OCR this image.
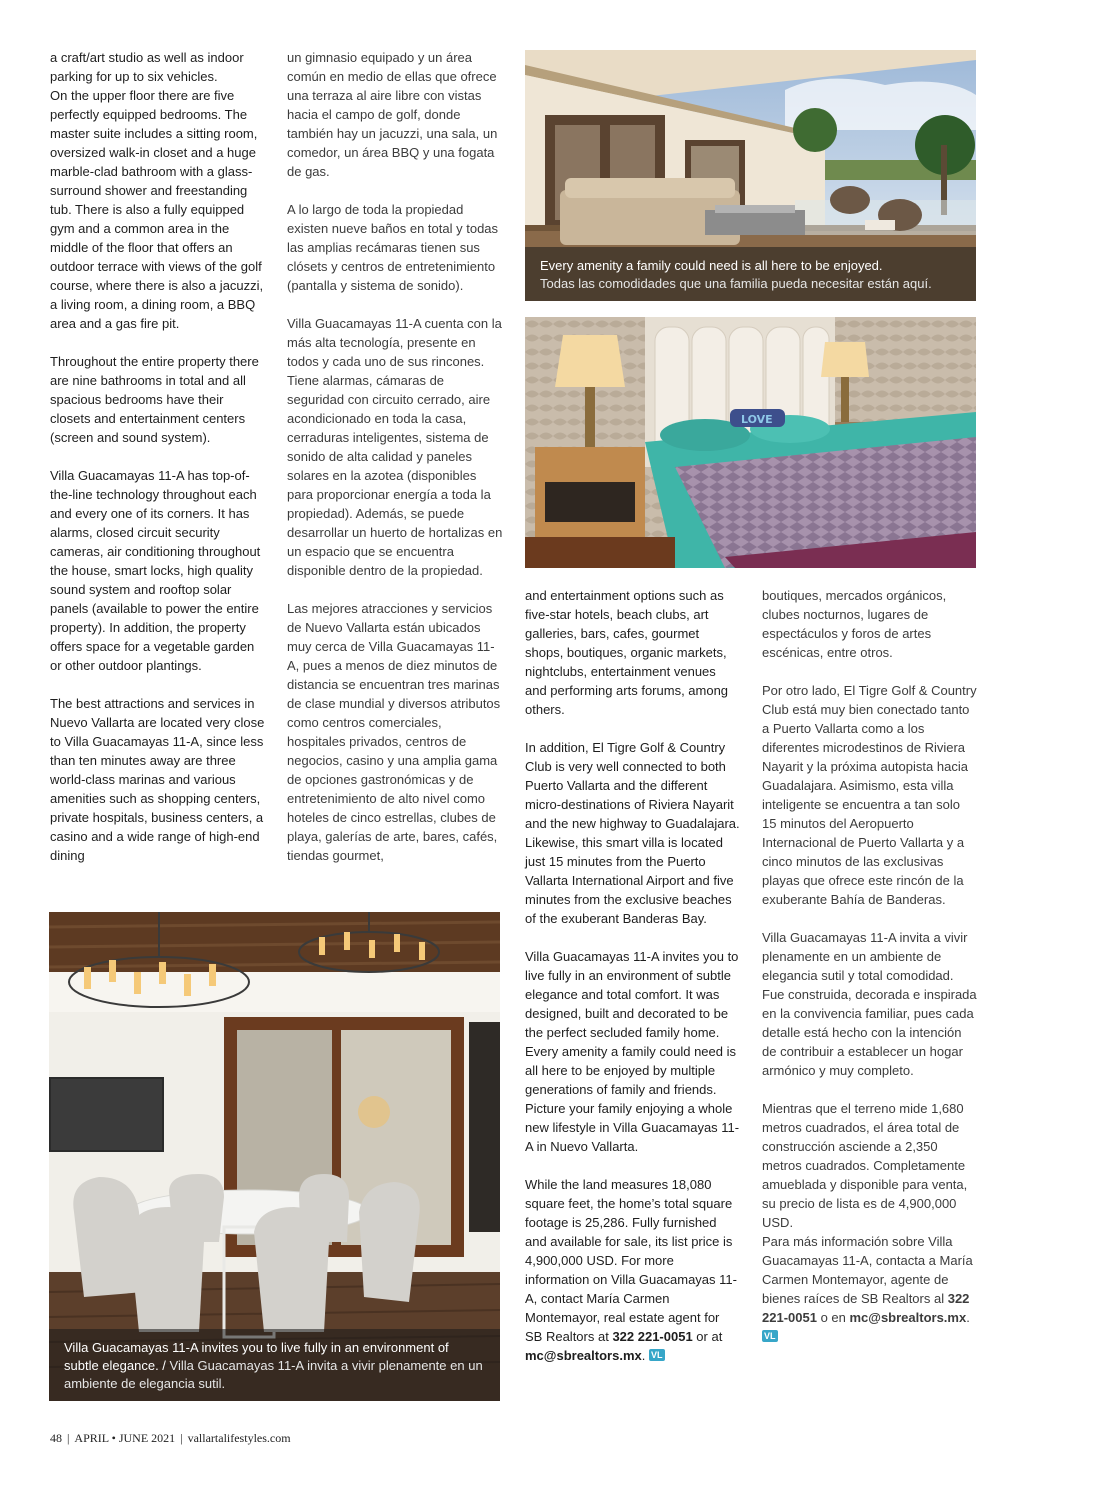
a craft/art studio as well as indoor parking for up to six vehicles.
On the upper floor there are five perfectly equipped bedrooms. The master suite includes a sitting room, oversized walk-in closet and a huge marble-clad bathroom with a glass-surround shower and freestanding tub. There is also a fully equipped gym and a common area in the middle of the floor that offers an outdoor terrace with views of the golf course, where there is also a jacuzzi, a living room, a dining room, a BBQ area and a gas fire pit.

Throughout the entire property there are nine bathrooms in total and all spacious bedrooms have their closets and entertainment centers (screen and sound system).

Villa Guacamayas 11-A has top-of-the-line technology throughout each and every one of its corners. It has alarms, closed circuit security cameras, air conditioning throughout the house, smart locks, high quality sound system and rooftop solar panels (available to power the entire property). In addition, the property offers space for a vegetable garden or other outdoor plantings.

The best attractions and services in Nuevo Vallarta are located very close to Villa Guacamayas 11-A, since less than ten minutes away are three world-class marinas and various amenities such as shopping centers, private hospitals, business centers, a casino and a wide range of high-end dining

un gimnasio equipado y un área común en medio de ellas que ofrece una terraza al aire libre con vistas hacia el campo de golf, donde también hay un jacuzzi, una sala, un comedor, un área BBQ y una fogata de gas.

A lo largo de toda la propiedad existen nueve baños en total y todas las amplias recámaras tienen sus clósets y centros de entretenimiento (pantalla y sistema de sonido).

Villa Guacamayas 11-A cuenta con la más alta tecnología, presente en todos y cada uno de sus rincones. Tiene alarmas, cámaras de seguridad con circuito cerrado, aire acondicionado en toda la casa, cerraduras inteligentes, sistema de sonido de alta calidad y paneles solares en la azotea (disponibles para proporcionar energía a toda la propiedad). Además, se puede desarrollar un huerto de hortalizas en un espacio que se encuentra disponible dentro de la propiedad.

Las mejores atracciones y servicios de Nuevo Vallarta están ubicados muy cerca de Villa Guacamayas 11-A, pues a menos de diez minutos de distancia se encuentran tres marinas de clase mundial y diversos atributos como centros comerciales, hospitales privados, centros de negocios, casino y una amplia gama de opciones gastronómicas y de entretenimiento de alto nivel como hoteles de cinco estrellas, clubes de playa, galerías de arte, bares, cafés, tiendas gourmet,

and entertainment options such as five-star hotels, beach clubs, art galleries, bars, cafes, gourmet shops, boutiques, organic markets, nightclubs, entertainment venues and performing arts forums, among others.

In addition, El Tigre Golf & Country Club is very well connected to both Puerto Vallarta and the different micro-destinations of Riviera Nayarit and the new highway to Guadalajara. Likewise, this smart villa is located just 15 minutes from the Puerto Vallarta International Airport and five minutes from the exclusive beaches of the exuberant Banderas Bay.

Villa Guacamayas 11-A invites you to live fully in an environment of subtle elegance and total comfort. It was designed, built and decorated to be the perfect secluded family home. Every amenity a family could need is all here to be enjoyed by multiple generations of family and friends. Picture your family enjoying a whole new lifestyle in Villa Guacamayas 11-A in Nuevo Vallarta.

While the land measures 18,080 square feet, the home’s total square footage is 25,286. Fully furnished and available for sale, its list price is 4,900,000 USD. For more information on Villa Guacamayas 11-A, contact María Carmen Montemayor, real estate agent for SB Realtors at 322 221-0051 or at mc@sbrealtors.mx. VL

boutiques, mercados orgánicos, clubes nocturnos, lugares de espectáculos y foros de artes escénicas, entre otros.

Por otro lado, El Tigre Golf & Country Club está muy bien conectado tanto a Puerto Vallarta como a los diferentes microdestinos de Riviera Nayarit y la próxima autopista hacia Guadalajara. Asimismo, esta villa inteligente se encuentra a tan solo 15 minutos del Aeropuerto Internacional de Puerto Vallarta y a cinco minutos de las exclusivas playas que ofrece este rincón de la exuberante Bahía de Banderas.

Villa Guacamayas 11-A invita a vivir plenamente en un ambiente de elegancia sutil y total comodidad. Fue construida, decorada e inspirada en la convivencia familiar, pues cada detalle está hecho con la intención de contribuir a establecer un hogar armónico y muy completo.

Mientras que el terreno mide 1,680 metros cuadrados, el área total de construcción asciende a 2,350 metros cuadrados. Completamente amueblada y disponible para venta, su precio de lista es de 4,900,000 USD.
Para más información sobre Villa Guacamayas 11-A, contacta a María Carmen Montemayor, agente de bienes raíces de SB Realtors al 322 221-0051 o en mc@sbrealtors.mx. VL

Every amenity a family could need is all here to be enjoyed.
Todas las comodidades que una familia pueda necesitar están aquí.
LOVE
Villa Guacamayas 11-A invites you to live fully in an environment of subtle elegance. / Villa Guacamayas 11-A invita a vivir plenamente en un ambiente de elegancia sutil.
48 | APRIL • JUNE 2021 | vallartalifestyles.com
